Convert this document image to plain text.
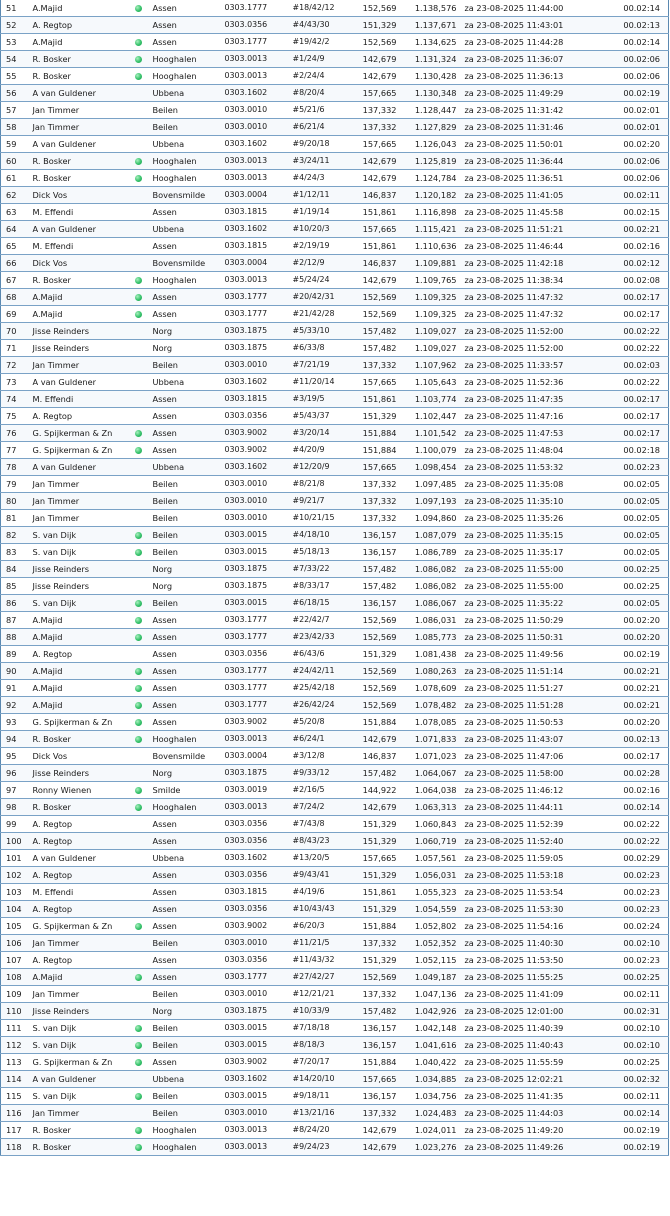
51	A.Majid		Assen	0303.1777	#18/42/12	152,569	1.138,576	za 23-08-2025 11:44:00	00.02:14
52	A. Regtop		Assen	0303.0356	#4/43/30	151,329	1.137,671	za 23-08-2025 11:43:01	00.02:13
53	A.Majid		Assen	0303.1777	#19/42/2	152,569	1.134,625	za 23-08-2025 11:44:28	00.02:14
54	R. Bosker		Hooghalen	0303.0013	#1/24/9	142,679	1.131,324	za 23-08-2025 11:36:07	00.02:06
55	R. Bosker		Hooghalen	0303.0013	#2/24/4	142,679	1.130,428	za 23-08-2025 11:36:13	00.02:06
56	A van Guldener		Ubbena	0303.1602	#8/20/4	157,665	1.130,348	za 23-08-2025 11:49:29	00.02:19
57	Jan Timmer		Beilen	0303.0010	#5/21/6	137,332	1.128,447	za 23-08-2025 11:31:42	00.02:01
58	Jan Timmer		Beilen	0303.0010	#6/21/4	137,332	1.127,829	za 23-08-2025 11:31:46	00.02:01
59	A van Guldener		Ubbena	0303.1602	#9/20/18	157,665	1.126,043	za 23-08-2025 11:50:01	00.02:20
60	R. Bosker		Hooghalen	0303.0013	#3/24/11	142,679	1.125,819	za 23-08-2025 11:36:44	00.02:06
61	R. Bosker		Hooghalen	0303.0013	#4/24/3	142,679	1.124,784	za 23-08-2025 11:36:51	00.02:06
62	Dick Vos		Bovensmilde	0303.0004	#1/12/11	146,837	1.120,182	za 23-08-2025 11:41:05	00.02:11
63	M. Effendi		Assen	0303.1815	#1/19/14	151,861	1.116,898	za 23-08-2025 11:45:58	00.02:15
64	A van Guldener		Ubbena	0303.1602	#10/20/3	157,665	1.115,421	za 23-08-2025 11:51:21	00.02:21
65	M. Effendi		Assen	0303.1815	#2/19/19	151,861	1.110,636	za 23-08-2025 11:46:44	00.02:16
66	Dick Vos		Bovensmilde	0303.0004	#2/12/9	146,837	1.109,881	za 23-08-2025 11:42:18	00.02:12
67	R. Bosker		Hooghalen	0303.0013	#5/24/24	142,679	1.109,765	za 23-08-2025 11:38:34	00.02:08
68	A.Majid		Assen	0303.1777	#20/42/31	152,569	1.109,325	za 23-08-2025 11:47:32	00.02:17
69	A.Majid		Assen	0303.1777	#21/42/28	152,569	1.109,325	za 23-08-2025 11:47:32	00.02:17
70	Jisse Reinders		Norg	0303.1875	#5/33/10	157,482	1.109,027	za 23-08-2025 11:52:00	00.02:22
71	Jisse Reinders		Norg	0303.1875	#6/33/8	157,482	1.109,027	za 23-08-2025 11:52:00	00.02:22
72	Jan Timmer		Beilen	0303.0010	#7/21/19	137,332	1.107,962	za 23-08-2025 11:33:57	00.02:03
73	A van Guldener		Ubbena	0303.1602	#11/20/14	157,665	1.105,643	za 23-08-2025 11:52:36	00.02:22
74	M. Effendi		Assen	0303.1815	#3/19/5	151,861	1.103,774	za 23-08-2025 11:47:35	00.02:17
75	A. Regtop		Assen	0303.0356	#5/43/37	151,329	1.102,447	za 23-08-2025 11:47:16	00.02:17
76	G. Spijkerman & Zn		Assen	0303.9002	#3/20/14	151,884	1.101,542	za 23-08-2025 11:47:53	00.02:17
77	G. Spijkerman & Zn		Assen	0303.9002	#4/20/9	151,884	1.100,079	za 23-08-2025 11:48:04	00.02:18
78	A van Guldener		Ubbena	0303.1602	#12/20/9	157,665	1.098,454	za 23-08-2025 11:53:32	00.02:23
79	Jan Timmer		Beilen	0303.0010	#8/21/8	137,332	1.097,485	za 23-08-2025 11:35:08	00.02:05
80	Jan Timmer		Beilen	0303.0010	#9/21/7	137,332	1.097,193	za 23-08-2025 11:35:10	00.02:05
81	Jan Timmer		Beilen	0303.0010	#10/21/15	137,332	1.094,860	za 23-08-2025 11:35:26	00.02:05
82	S. van Dijk		Beilen	0303.0015	#4/18/10	136,157	1.087,079	za 23-08-2025 11:35:15	00.02:05
83	S. van Dijk		Beilen	0303.0015	#5/18/13	136,157	1.086,789	za 23-08-2025 11:35:17	00.02:05
84	Jisse Reinders		Norg	0303.1875	#7/33/22	157,482	1.086,082	za 23-08-2025 11:55:00	00.02:25
85	Jisse Reinders		Norg	0303.1875	#8/33/17	157,482	1.086,082	za 23-08-2025 11:55:00	00.02:25
86	S. van Dijk		Beilen	0303.0015	#6/18/15	136,157	1.086,067	za 23-08-2025 11:35:22	00.02:05
87	A.Majid		Assen	0303.1777	#22/42/7	152,569	1.086,031	za 23-08-2025 11:50:29	00.02:20
88	A.Majid		Assen	0303.1777	#23/42/33	152,569	1.085,773	za 23-08-2025 11:50:31	00.02:20
89	A. Regtop		Assen	0303.0356	#6/43/6	151,329	1.081,438	za 23-08-2025 11:49:56	00.02:19
90	A.Majid		Assen	0303.1777	#24/42/11	152,569	1.080,263	za 23-08-2025 11:51:14	00.02:21
91	A.Majid		Assen	0303.1777	#25/42/18	152,569	1.078,609	za 23-08-2025 11:51:27	00.02:21
92	A.Majid		Assen	0303.1777	#26/42/24	152,569	1.078,482	za 23-08-2025 11:51:28	00.02:21
93	G. Spijkerman & Zn		Assen	0303.9002	#5/20/8	151,884	1.078,085	za 23-08-2025 11:50:53	00.02:20
94	R. Bosker		Hooghalen	0303.0013	#6/24/1	142,679	1.071,833	za 23-08-2025 11:43:07	00.02:13
95	Dick Vos		Bovensmilde	0303.0004	#3/12/8	146,837	1.071,023	za 23-08-2025 11:47:06	00.02:17
96	Jisse Reinders		Norg	0303.1875	#9/33/12	157,482	1.064,067	za 23-08-2025 11:58:00	00.02:28
97	Ronny Wienen		Smilde	0303.0019	#2/16/5	144,922	1.064,038	za 23-08-2025 11:46:12	00.02:16
98	R. Bosker		Hooghalen	0303.0013	#7/24/2	142,679	1.063,313	za 23-08-2025 11:44:11	00.02:14
99	A. Regtop		Assen	0303.0356	#7/43/8	151,329	1.060,843	za 23-08-2025 11:52:39	00.02:22
100	A. Regtop		Assen	0303.0356	#8/43/23	151,329	1.060,719	za 23-08-2025 11:52:40	00.02:22
101	A van Guldener		Ubbena	0303.1602	#13/20/5	157,665	1.057,561	za 23-08-2025 11:59:05	00.02:29
102	A. Regtop		Assen	0303.0356	#9/43/41	151,329	1.056,031	za 23-08-2025 11:53:18	00.02:23
103	M. Effendi		Assen	0303.1815	#4/19/6	151,861	1.055,323	za 23-08-2025 11:53:54	00.02:23
104	A. Regtop		Assen	0303.0356	#10/43/43	151,329	1.054,559	za 23-08-2025 11:53:30	00.02:23
105	G. Spijkerman & Zn		Assen	0303.9002	#6/20/3	151,884	1.052,802	za 23-08-2025 11:54:16	00.02:24
106	Jan Timmer		Beilen	0303.0010	#11/21/5	137,332	1.052,352	za 23-08-2025 11:40:30	00.02:10
107	A. Regtop		Assen	0303.0356	#11/43/32	151,329	1.052,115	za 23-08-2025 11:53:50	00.02:23
108	A.Majid		Assen	0303.1777	#27/42/27	152,569	1.049,187	za 23-08-2025 11:55:25	00.02:25
109	Jan Timmer		Beilen	0303.0010	#12/21/21	137,332	1.047,136	za 23-08-2025 11:41:09	00.02:11
110	Jisse Reinders		Norg	0303.1875	#10/33/9	157,482	1.042,926	za 23-08-2025 12:01:00	00.02:31
111	S. van Dijk		Beilen	0303.0015	#7/18/18	136,157	1.042,148	za 23-08-2025 11:40:39	00.02:10
112	S. van Dijk		Beilen	0303.0015	#8/18/3	136,157	1.041,616	za 23-08-2025 11:40:43	00.02:10
113	G. Spijkerman & Zn		Assen	0303.9002	#7/20/17	151,884	1.040,422	za 23-08-2025 11:55:59	00.02:25
114	A van Guldener		Ubbena	0303.1602	#14/20/10	157,665	1.034,885	za 23-08-2025 12:02:21	00.02:32
115	S. van Dijk		Beilen	0303.0015	#9/18/11	136,157	1.034,756	za 23-08-2025 11:41:35	00.02:11
116	Jan Timmer		Beilen	0303.0010	#13/21/16	137,332	1.024,483	za 23-08-2025 11:44:03	00.02:14
117	R. Bosker		Hooghalen	0303.0013	#8/24/20	142,679	1.024,011	za 23-08-2025 11:49:20	00.02:19
118	R. Bosker		Hooghalen	0303.0013	#9/24/23	142,679	1.023,276	za 23-08-2025 11:49:26	00.02:19
